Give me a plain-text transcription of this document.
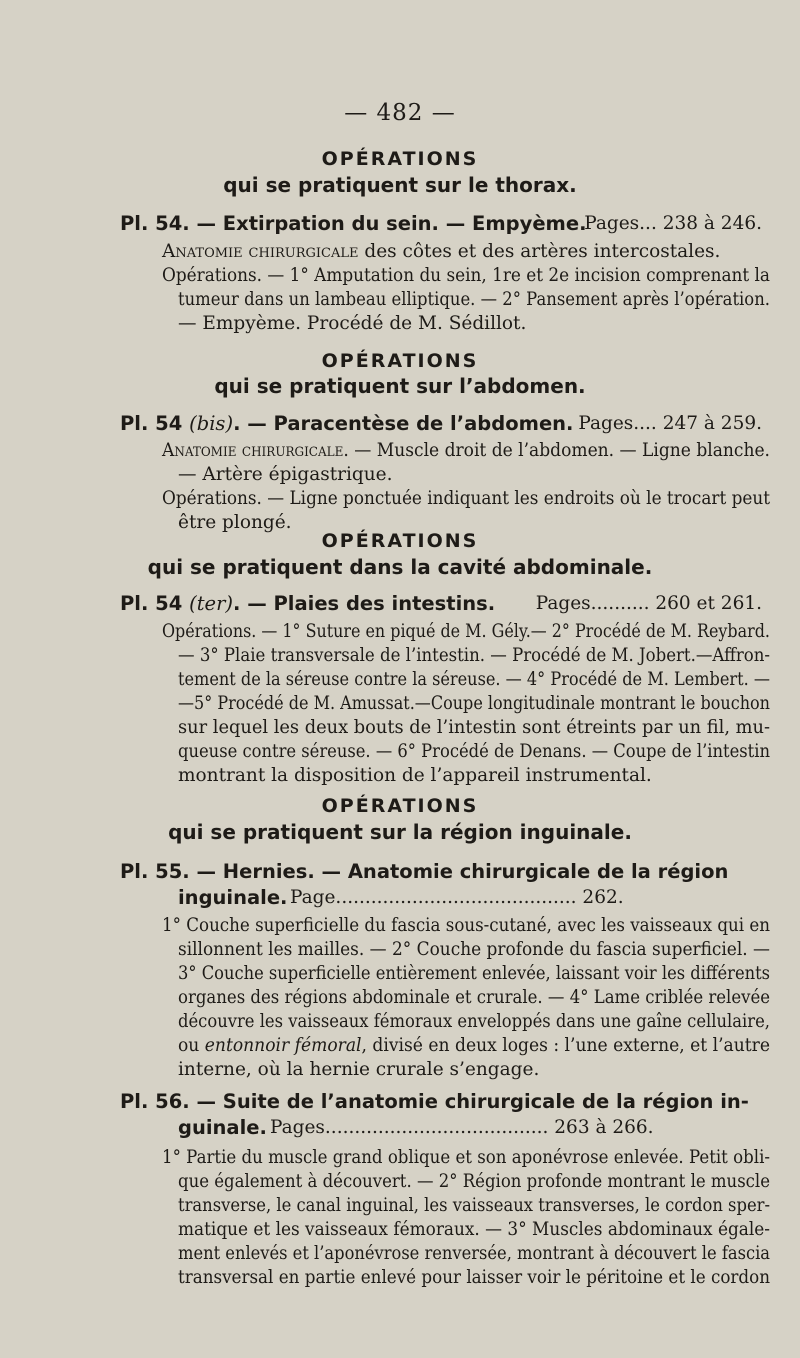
— 482 —
OPÉRATIONS
qui se pratiquent sur le thorax.
Pl. 54. — Extirpation du sein. — Empyème.
Pages... 238 à 246.
Anatomie chirurgicale des côtes et des artères intercostales.
Opérations. — 1° Amputation du sein, 1re et 2e incision comprenant la
tumeur dans un lambeau elliptique. — 2° Pansement après l’opération.
— Empyème. Procédé de M. Sédillot.
OPÉRATIONS
qui se pratiquent sur l’abdomen.
Pl. 54 (bis). — Paracentèse de l’abdomen. Pages.... 247 à 259.
Anatomie chirurgicale. — Muscle droit de l’abdomen. — Ligne blanche.
— Artère épigastrique.
Opérations. — Ligne ponctuée indiquant les endroits où le trocart peut
être plongé.
OPÉRATIONS
qui se pratiquent dans la cavité abdominale.
Pl. 54 (ter). — Plaies des intestins. Pages.......... 260 et 261.
Opérations. — 1° Suture en piqué de M. Gély.— 2° Procédé de M. Reybard.
— 3° Plaie transversale de l’intestin. — Procédé de M. Jobert.—Affron-
tement de la séreuse contre la séreuse. — 4° Procédé de M. Lembert. —
—5° Procédé de M. Amussat.—Coupe longitudinale montrant le bouchon
sur lequel les deux bouts de l’intestin sont étreints par un fil, mu-
queuse contre séreuse. — 6° Procédé de Denans. — Coupe de l’intestin
montrant la disposition de l’appareil instrumental.
OPÉRATIONS
qui se pratiquent sur la région inguinale.
Pl. 55. — Hernies. — Anatomie chirurgicale de la région
inguinale. Page......................................... 262.
1° Couche superficielle du fascia sous-cutané, avec les vaisseaux qui en
sillonnent les mailles. — 2° Couche profonde du fascia superficiel. —
3° Couche superficielle entièrement enlevée, laissant voir les différents
organes des régions abdominale et crurale. — 4° Lame criblée relevée
découvre les vaisseaux fémoraux enveloppés dans une gaîne cellulaire,
ou entonnoir fémoral, divisé en deux loges : l’une externe, et l’autre
interne, où la hernie crurale s’engage.
Pl. 56. — Suite de l’anatomie chirurgicale de la région in-
guinale. Pages...................................... 263 à 266.
1° Partie du muscle grand oblique et son aponévrose enlevée. Petit obli-
que également à découvert. — 2° Région profonde montrant le muscle
transverse, le canal inguinal, les vaisseaux transverses, le cordon sper-
matique et les vaisseaux fémoraux. — 3° Muscles abdominaux égale-
ment enlevés et l’aponévrose renversée, montrant à découvert le fascia
transversal en partie enlevé pour laisser voir le péritoine et le cordon
